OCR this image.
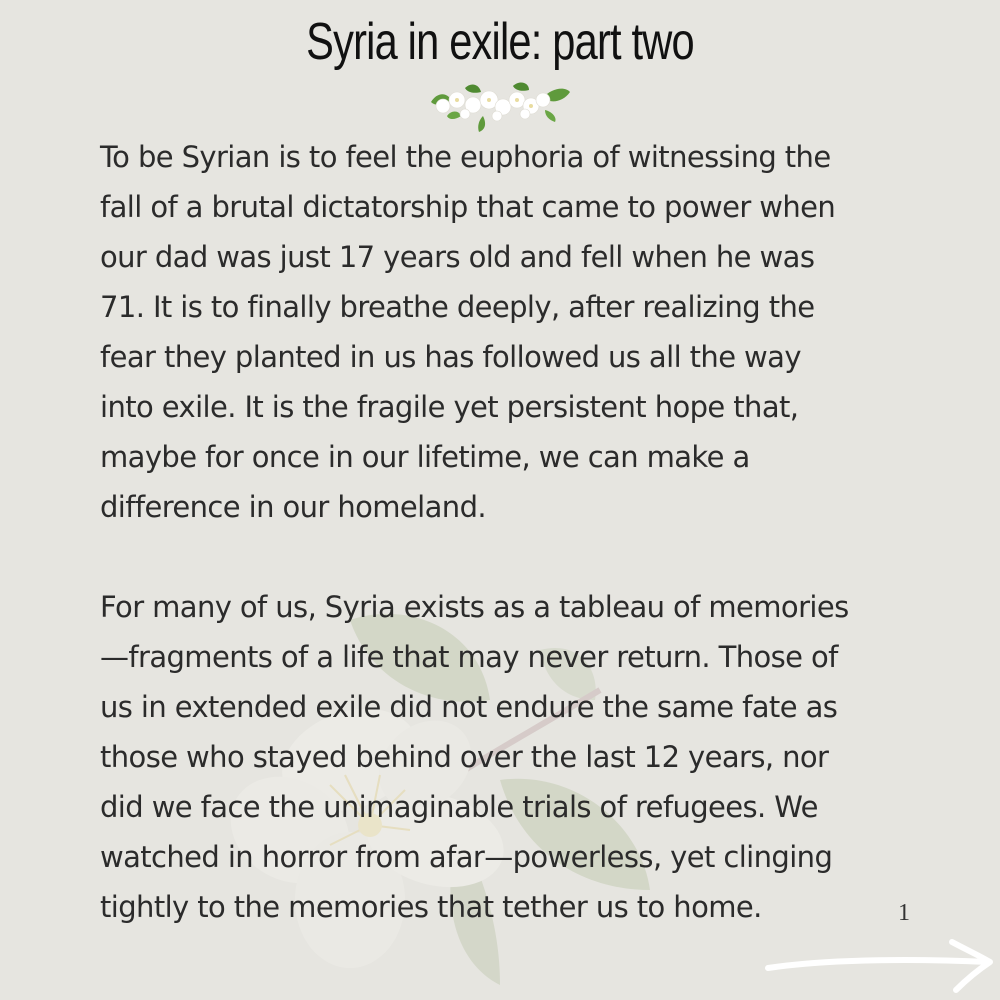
Syria in exile: part two

To be Syrian is to feel the euphoria of witnessing the
fall of a brutal dictatorship that came to power when
our dad was just 17 years old and fell when he was
71. It is to finally breathe deeply, after realizing the
fear they planted in us has followed us all the way
into exile. It is the fragile yet persistent hope that,
maybe for once in our lifetime, we can make a
difference in our homeland.

For many of us, Syria exists as a tableau of memories
—fragments of a life that may never return. Those of
us in extended exile did not endure the same fate as
those who stayed behind over the last 12 years, nor
did we face the unimaginable trials of refugees. We
watched in horror from afar—powerless, yet clinging
tightly to the memories that tether us to home.	1
